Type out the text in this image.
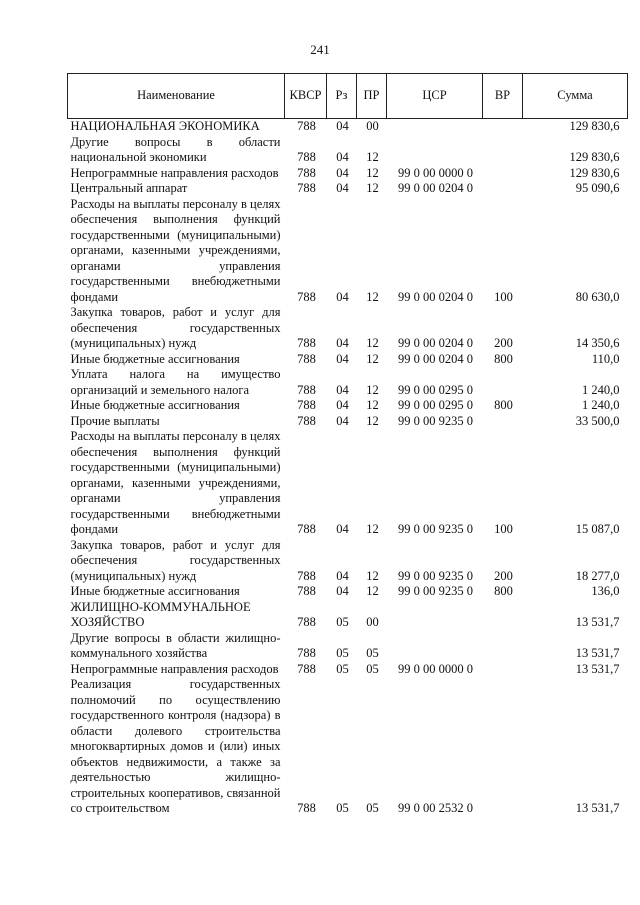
241
Наименование	КВСР	Рз	ПР	ЦСР	ВР	Сумма
НАЦИОНАЛЬНАЯ ЭКОНОМИКА	788	04	00			129 830,6
Другие вопросы в области национальной экономики	788	04	12			129 830,6
Непрограммные направления расходов	788	04	12	99 0 00 0000 0		129 830,6
Центральный аппарат	788	04	12	99 0 00 0204 0		95 090,6
Расходы на выплаты персоналу в целях обеспечения выполнения функций государственными (муниципальными) органами, казенными учреждениями, органами управления государственными внебюджетными фондами	788	04	12	99 0 00 0204 0	100	80 630,0
Закупка товаров, работ и услуг для обеспечения государственных (муниципальных) нужд	788	04	12	99 0 00 0204 0	200	14 350,6
Иные бюджетные ассигнования	788	04	12	99 0 00 0204 0	800	110,0
Уплата налога на имущество организаций и земельного налога	788	04	12	99 0 00 0295 0		1 240,0
Иные бюджетные ассигнования	788	04	12	99 0 00 0295 0	800	1 240,0
Прочие выплаты	788	04	12	99 0 00 9235 0		33 500,0
Расходы на выплаты персоналу в целях обеспечения выполнения функций государственными (муниципальными) органами, казенными учреждениями, органами управления государственными внебюджетными фондами	788	04	12	99 0 00 9235 0	100	15 087,0
Закупка товаров, работ и услуг для обеспечения государственных (муниципальных) нужд	788	04	12	99 0 00 9235 0	200	18 277,0
Иные бюджетные ассигнования	788	04	12	99 0 00 9235 0	800	136,0
ЖИЛИЩНО-КОММУНАЛЬНОЕ ХОЗЯЙСТВО	788	05	00			13 531,7
Другие вопросы в области жилищно-коммунального хозяйства	788	05	05			13 531,7
Непрограммные направления расходов	788	05	05	99 0 00 0000 0		13 531,7
Реализация государственных полномочий по осуществлению государственного контроля (надзора) в области долевого строительства многоквартирных домов и (или) иных объектов недвижимости, а также за деятельностью жилищно-строительных кооперативов, связанной со строительством	788	05	05	99 0 00 2532 0		13 531,7
